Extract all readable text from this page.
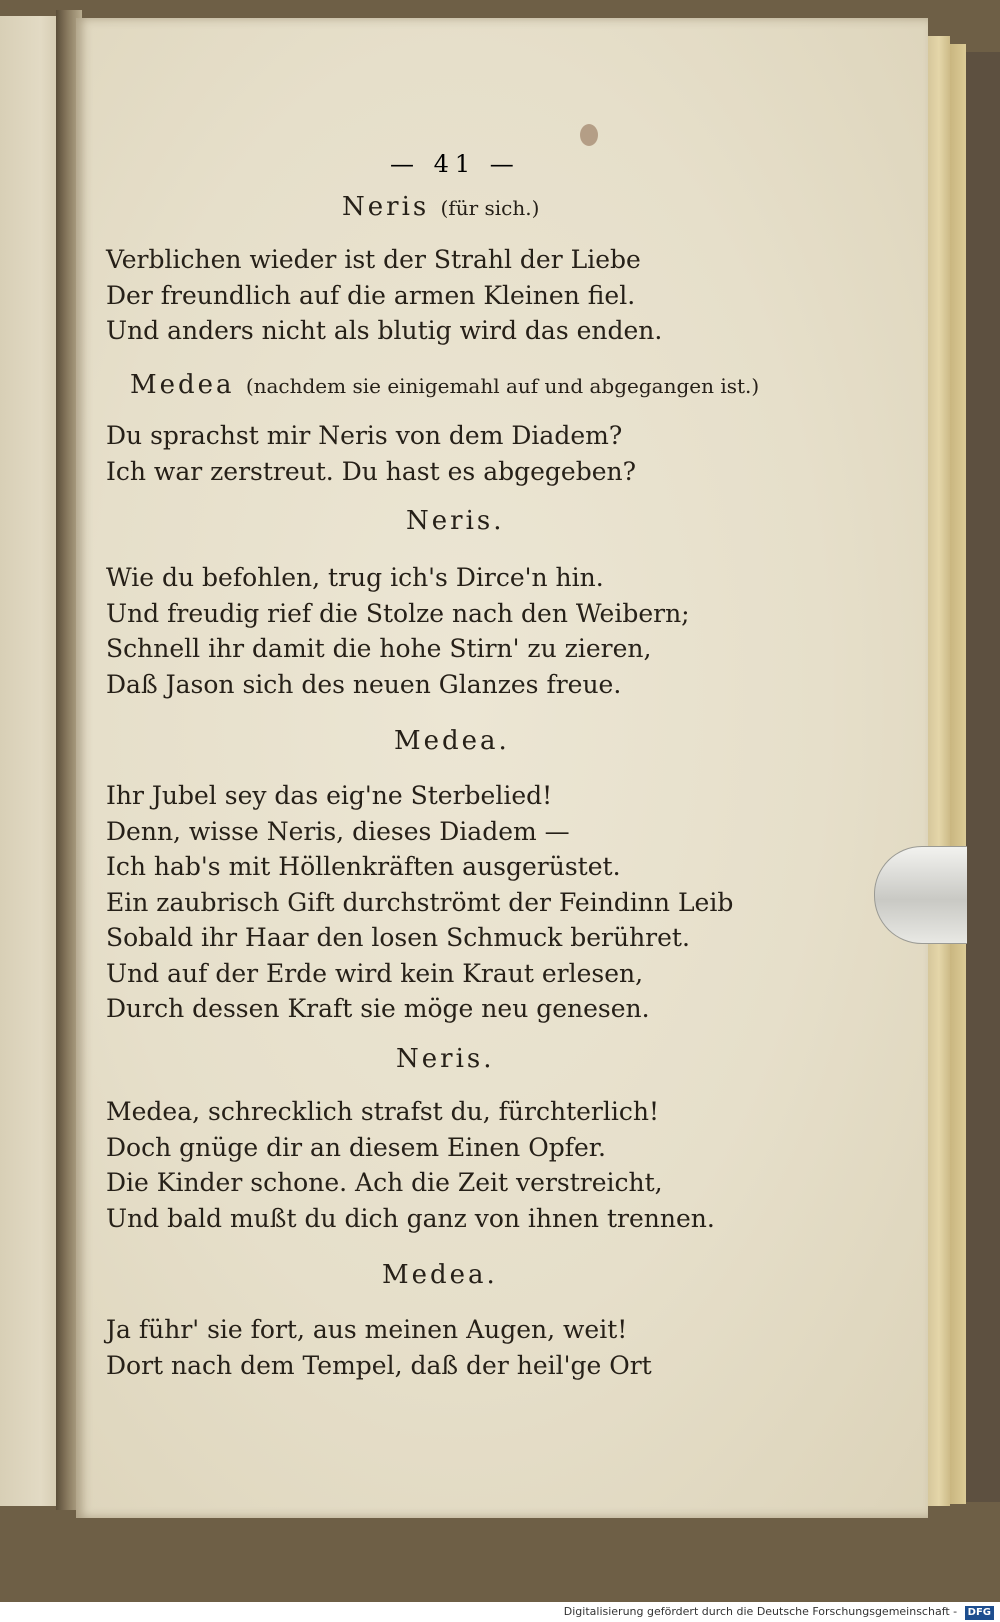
— 41 —
Neris (für sich.)
Verblichen wieder ist der Strahl der Liebe
Der freundlich auf die armen Kleinen fiel.
Und anders nicht als blutig wird das enden.
Medea (nachdem sie einigemahl auf und abgegangen ist.)
Du sprachst mir Neris von dem Diadem?
Ich war zerstreut. Du hast es abgegeben?
Neris.
Wie du befohlen, trug ich's Dirce'n hin.
Und freudig rief die Stolze nach den Weibern;
Schnell ihr damit die hohe Stirn' zu zieren,
Daß Jason sich des neuen Glanzes freue.
Medea.
Ihr Jubel sey das eig'ne Sterbelied!
Denn, wisse Neris, dieses Diadem —
Ich hab's mit Höllenkräften ausgerüstet.
Ein zaubrisch Gift durchströmt der Feindinn Leib
Sobald ihr Haar den losen Schmuck berühret.
Und auf der Erde wird kein Kraut erlesen,
Durch dessen Kraft sie möge neu genesen.
Neris.
Medea, schrecklich strafst du, fürchterlich!
Doch gnüge dir an diesem Einen Opfer.
Die Kinder schone. Ach die Zeit verstreicht,
Und bald mußt du dich ganz von ihnen trennen.
Medea.
Ja führ' sie fort, aus meinen Augen, weit!
Dort nach dem Tempel, daß der heil'ge Ort
Digitalisierung gefördert durch die Deutsche Forschungsgemeinschaft - DFG
